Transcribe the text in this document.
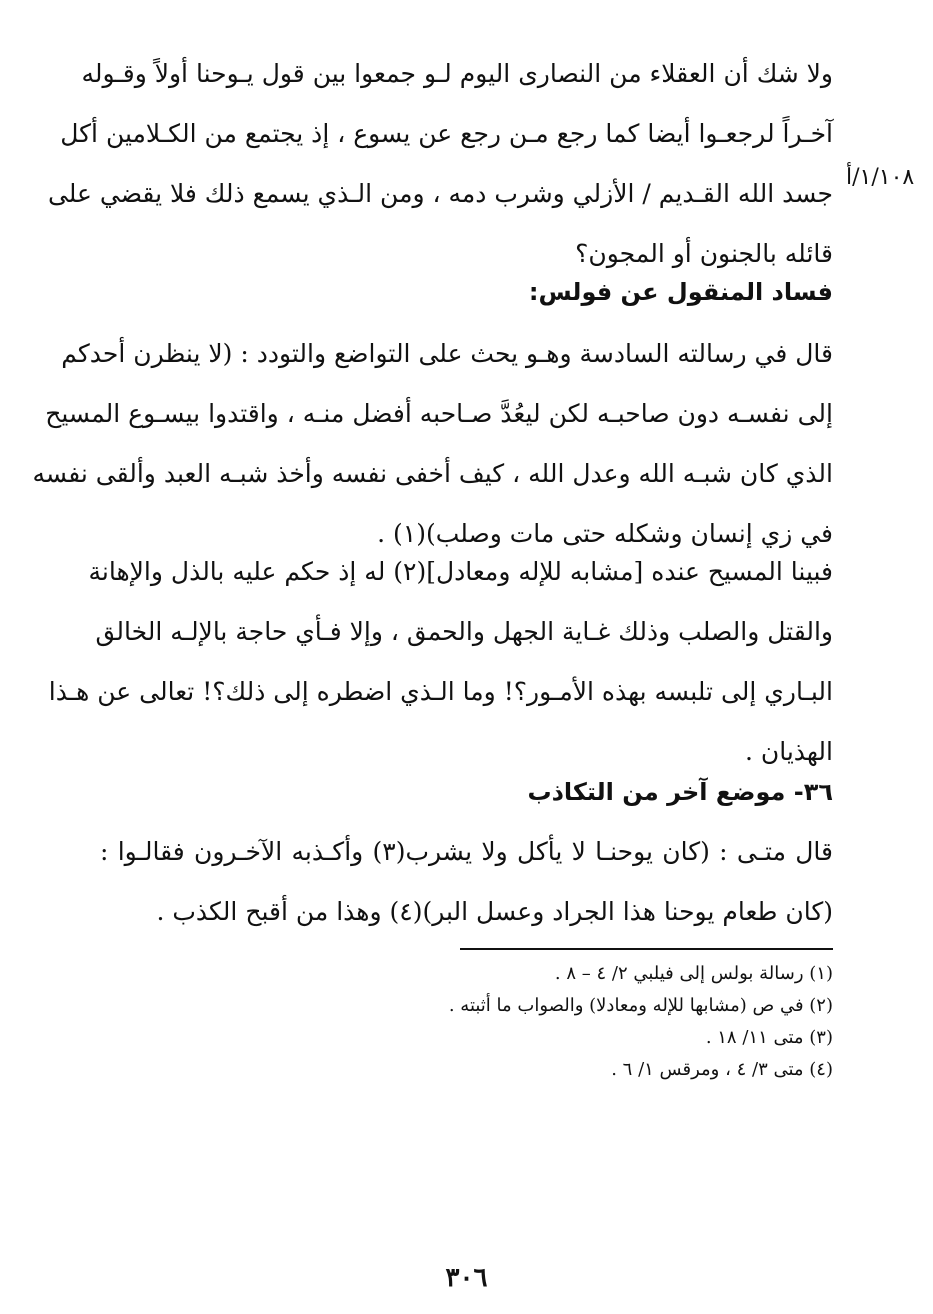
ولا شك أن العقلاء من النصارى اليوم لـو جمعوا بين قول يـوحنا أولاً وقـوله
آخـراً لرجعـوا أيضا كما رجع مـن رجع عن يسوع ، إذ يجتمع من الكـلامين أكل
جسد الله القـديم / الأزلي وشرب دمه ، ومن الـذي يسمع ذلك فلا يقضي على
قائله بالجنون أو المجون؟
١/١٠٨/أ
فساد المنقول عن فولس:
قال في رسالته السادسة وهـو يحث على التواضع والتودد : (لا ينظرن أحدكم
إلى نفسـه دون صاحبـه لكن ليعُدَّ صـاحبه أفضل منـه ، واقتدوا بيسـوع المسيح
الذي كان شبـه الله وعدل الله ، كيف أخفى نفسه وأخذ شبـه العبد وألقى نفسه
في زي إنسان وشكله حتى مات وصلب)(١) .
فبينا المسيح عنده [مشابه للإله ومعادل](٢) له إذ حكم عليه بالذل والإهانة
والقتل والصلب وذلك غـاية الجهل والحمق ، وإلا فـأي حاجة بالإلـه الخالق
البـاري إلى تلبسه بهذه الأمـور؟! وما الـذي اضطره إلى ذلك؟! تعالى عن هـذا
الهذيان .
٣٦- موضع آخر من التكاذب
قال متـى : (كان يوحنـا لا يأكل ولا يشرب(٣) وأكـذبه الآخـرون فقالـوا :
(كان طعام يوحنا هذا الجراد وعسل البر)(٤) وهذا من أقبح الكذب .
(١) رسالة بولس إلى فيلبي ٢/ ٤ – ٨ .
(٢) في ص (مشابها للإله ومعادلا) والصواب ما أثبته .
(٣) متى ١١/ ١٨ .
(٤) متى ٣/ ٤ ، ومرقس ١/ ٦ .
٣٠٦
